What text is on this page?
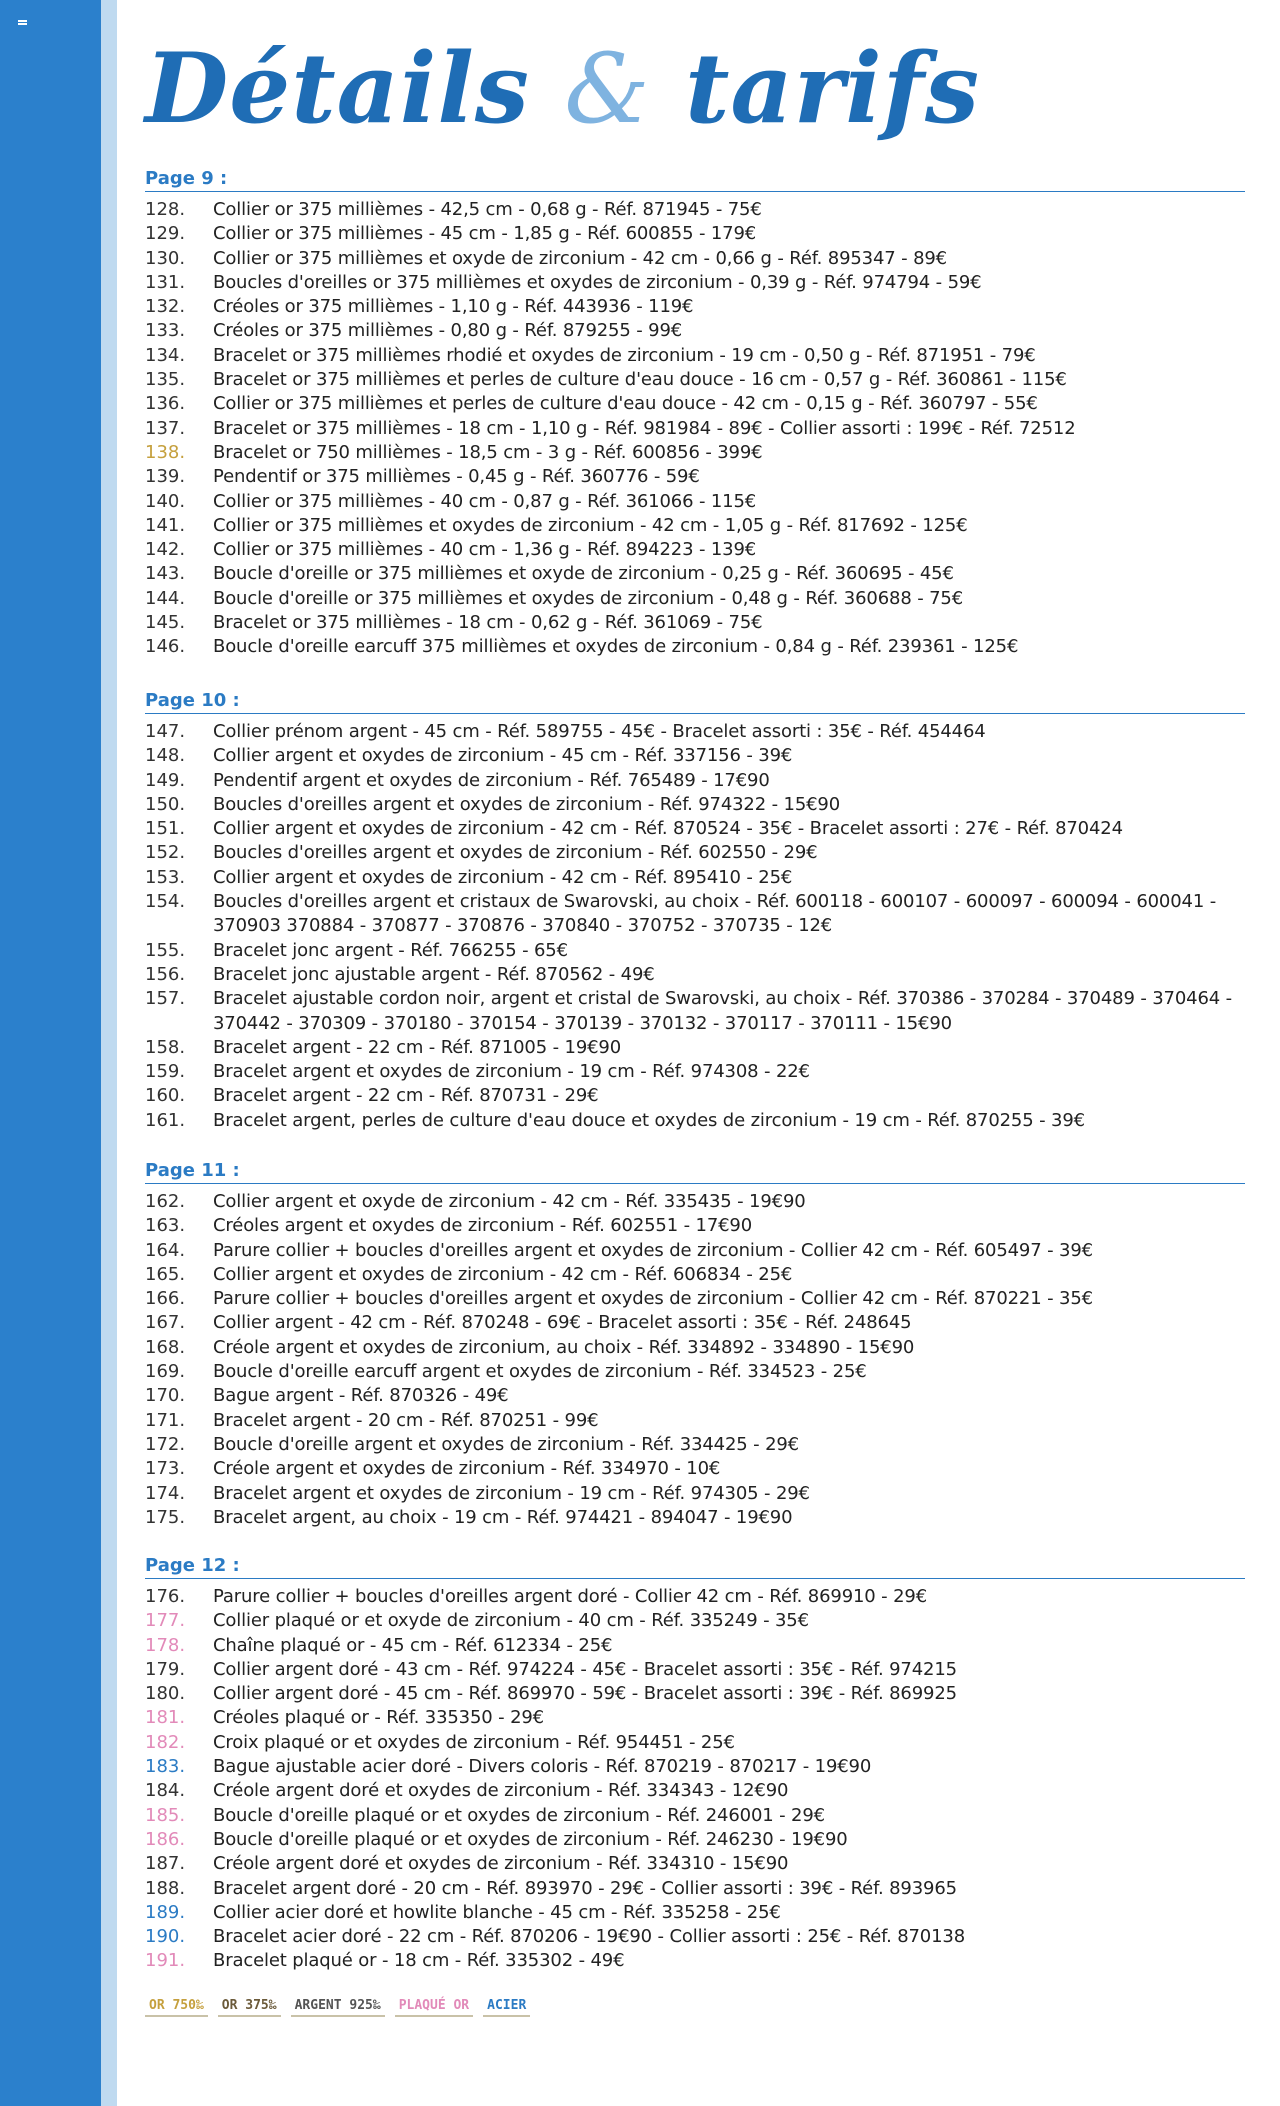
Détails & tarifs
Page 9 :
128.	Collier or 375 millièmes - 42,5 cm - 0,68 g - Réf. 871945 - 75€
129.	Collier or 375 millièmes - 45 cm - 1,85 g - Réf. 600855 - 179€
130.	Collier or 375 millièmes et oxyde de zirconium - 42 cm - 0,66 g - Réf. 895347 - 89€
131.	Boucles d'oreilles or 375 millièmes et oxydes de zirconium - 0,39 g - Réf. 974794 - 59€
132.	Créoles or 375 millièmes - 1,10 g - Réf. 443936 - 119€
133.	Créoles or 375 millièmes - 0,80 g - Réf. 879255 - 99€
134.	Bracelet or 375 millièmes rhodié et oxydes de zirconium - 19 cm - 0,50 g - Réf. 871951 - 79€
135.	Bracelet or 375 millièmes et perles de culture d'eau douce - 16 cm - 0,57 g - Réf. 360861 - 115€
136.	Collier or 375 millièmes et perles de culture d'eau douce - 42 cm - 0,15 g - Réf. 360797 - 55€
137.	Bracelet or 375 millièmes - 18 cm - 1,10 g - Réf. 981984 - 89€ - Collier assorti : 199€ - Réf. 72512
138.	Bracelet or 750 millièmes - 18,5 cm - 3 g - Réf. 600856 - 399€
139.	Pendentif or 375 millièmes - 0,45 g - Réf. 360776 - 59€
140.	Collier or 375 millièmes - 40 cm - 0,87 g - Réf. 361066 - 115€
141.	Collier or 375 millièmes et oxydes de zirconium - 42 cm - 1,05 g - Réf. 817692 - 125€
142.	Collier or 375 millièmes - 40 cm - 1,36 g - Réf. 894223 - 139€
143.	Boucle d'oreille or 375 millièmes et oxyde de zirconium - 0,25 g - Réf. 360695 - 45€
144.	Boucle d'oreille or 375 millièmes et oxydes de zirconium - 0,48 g - Réf. 360688 - 75€
145.	Bracelet or 375 millièmes - 18 cm - 0,62 g - Réf. 361069 - 75€
146.	Boucle d'oreille earcuff 375 millièmes et oxydes de zirconium - 0,84 g - Réf. 239361 - 125€
Page 10 :
147.	Collier prénom argent - 45 cm - Réf. 589755 - 45€ - Bracelet assorti : 35€ - Réf. 454464
148.	Collier argent et oxydes de zirconium - 45 cm - Réf. 337156 - 39€
149.	Pendentif argent et oxydes de zirconium - Réf. 765489 - 17€90
150.	Boucles d'oreilles argent et oxydes de zirconium - Réf. 974322 - 15€90
151.	Collier argent et oxydes de zirconium - 42 cm - Réf. 870524 - 35€ - Bracelet assorti : 27€ - Réf. 870424
152.	Boucles d'oreilles argent et oxydes de zirconium - Réf. 602550 - 29€
153.	Collier argent et oxydes de zirconium - 42 cm - Réf. 895410 - 25€
154.	Boucles d'oreilles argent et cristaux de Swarovski, au choix - Réf. 600118 - 600107 - 600097 - 600094 - 600041 - 370903 370884 - 370877 - 370876 - 370840 - 370752 - 370735 - 12€
155.	Bracelet jonc argent - Réf. 766255 - 65€
156.	Bracelet jonc ajustable argent - Réf. 870562 - 49€
157.	Bracelet ajustable cordon noir, argent et cristal de Swarovski, au choix - Réf. 370386 - 370284 - 370489 - 370464 - 370442 - 370309 - 370180 - 370154 - 370139 - 370132 - 370117 - 370111 - 15€90
158.	Bracelet argent - 22 cm - Réf. 871005 - 19€90
159.	Bracelet argent et oxydes de zirconium - 19 cm - Réf. 974308 - 22€
160.	Bracelet argent - 22 cm - Réf. 870731 - 29€
161.	Bracelet argent, perles de culture d'eau douce et oxydes de zirconium - 19 cm - Réf. 870255 - 39€
Page 11 :
162.	Collier argent et oxyde de zirconium - 42 cm - Réf. 335435 - 19€90
163.	Créoles argent et oxydes de zirconium - Réf. 602551 - 17€90
164.	Parure collier + boucles d'oreilles argent et oxydes de zirconium - Collier 42 cm - Réf. 605497 - 39€
165.	Collier argent et oxydes de zirconium - 42 cm - Réf. 606834 - 25€
166.	Parure collier + boucles d'oreilles argent et oxydes de zirconium - Collier 42 cm - Réf. 870221 - 35€
167.	Collier argent - 42 cm - Réf. 870248 - 69€ - Bracelet assorti : 35€ - Réf. 248645
168.	Créole argent et oxydes de zirconium, au choix - Réf. 334892 - 334890 - 15€90
169.	Boucle d'oreille earcuff argent et oxydes de zirconium - Réf. 334523 - 25€
170.	Bague argent - Réf. 870326 - 49€
171.	Bracelet argent - 20 cm - Réf. 870251 - 99€
172.	Boucle d'oreille argent et oxydes de zirconium - Réf. 334425 - 29€
173.	Créole argent et oxydes de zirconium - Réf. 334970 - 10€
174.	Bracelet argent et oxydes de zirconium - 19 cm - Réf. 974305 - 29€
175.	Bracelet argent, au choix - 19 cm - Réf. 974421 - 894047 - 19€90
Page 12 :
176.	Parure collier + boucles d'oreilles argent doré - Collier 42 cm - Réf. 869910 - 29€
177.	Collier plaqué or et oxyde de zirconium - 40 cm - Réf. 335249 - 35€
178.	Chaîne plaqué or - 45 cm - Réf. 612334 - 25€
179.	Collier argent doré - 43 cm - Réf. 974224 - 45€ - Bracelet assorti : 35€ - Réf. 974215
180.	Collier argent doré - 45 cm - Réf. 869970 - 59€ - Bracelet assorti : 39€ - Réf. 869925
181.	Créoles plaqué or - Réf. 335350 - 29€
182.	Croix plaqué or et oxydes de zirconium - Réf. 954451 - 25€
183.	Bague ajustable acier doré - Divers coloris - Réf. 870219 - 870217 - 19€90
184.	Créole argent doré et oxydes de zirconium - Réf. 334343 - 12€90
185.	Boucle d'oreille plaqué or et oxydes de zirconium - Réf. 246001 - 29€
186.	Boucle d'oreille plaqué or et oxydes de zirconium - Réf. 246230 - 19€90
187.	Créole argent doré et oxydes de zirconium - Réf. 334310 - 15€90
188.	Bracelet argent doré - 20 cm - Réf. 893970 - 29€ - Collier assorti : 39€ - Réf. 893965
189.	Collier acier doré et howlite blanche - 45 cm - Réf. 335258 - 25€
190.	Bracelet acier doré - 22 cm - Réf. 870206 - 19€90 - Collier assorti : 25€ - Réf. 870138
191.	Bracelet plaqué or - 18 cm - Réf. 335302 - 49€
OR 750‰	OR 375‰	ARGENT 925‰	PLAQUÉ OR	ACIER
